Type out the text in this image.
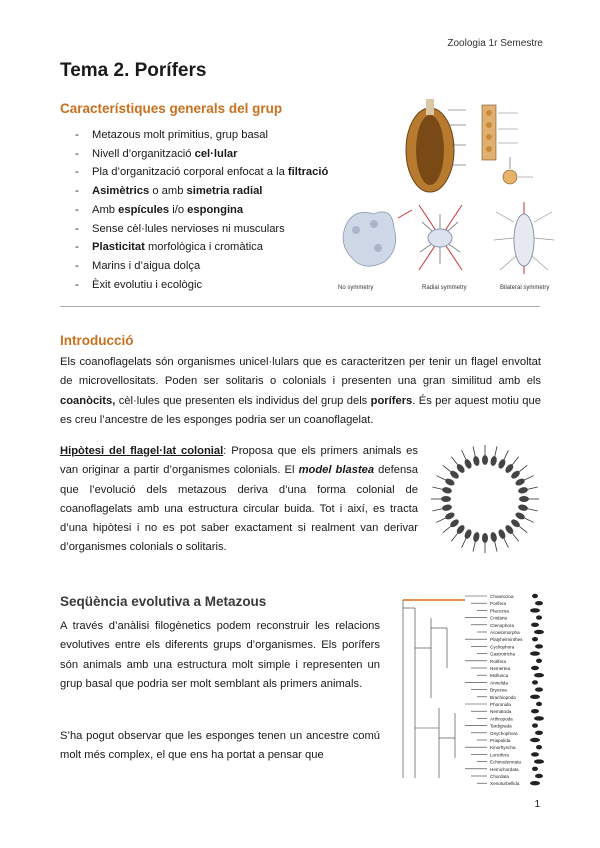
Zoologia 1r Semestre
Tema 2. Porífers
Característiques generals del grup
- Metazous molt primitius, grup basal
- Nivell d’organització cel·lular
- Pla d’organització corporal enfocat a la filtració
- Asimètrics o amb simetria radial
- Amb espícules i/o espongina
- Sense cèl·lules nervioses ni musculars
- Plasticitat morfològica i cromàtica
- Marins i d’aigua dolça
- Èxit evolutiu i ecològic	No symmetry	Radial symmetry	Bilateral symmetry
Introducció
Els coanoflagelats són organismes unicel·lulars que es caracteritzen per tenir un flagel envoltat de microvellositats. Poden ser solitaris o colonials i presenten una gran similitud amb els coanòcits, cèl·lules que presenten els individus del grup dels porífers. És per aquest motiu que es creu l’ancestre de les esponges podria ser un coanoflagelat.
Hipòtesi del flagel·lat colonial: Proposa que els primers animals es van originar a partir d’organismes colonials. El model blastea defensa que l’evolució dels metazous deriva d’una forma colonial de coanoflagelats amb una estructura circular buida. Tot i així, es tracta d’una hipòtesi i no es pot saber exactament si realment van derivar d’organismes colonials o solitaris.
Seqüència evolutiva a Metazous
A través d’anàlisi filogènetics podem reconstruir les relacions evolutives entre els diferents grups d’organismes. Els porífers són animals amb una estructura molt simple i representen un grup basal que podria ser molt semblant als primers animals.
S’ha pogut observar que les esponges tenen un ancestre comú molt més complex, el que ens ha portat a pensar que
Choanozoa
Porifera
Placozoa
Cnidaria
Ctenophora
Acoelomorpha
Platyhelminthes
Cycliophora
Gastrotricha
Rotifera
Nemertea
Mollusca
Annelida
Bryozoa
Brachiopoda
Phoronida
Nematoda
Arthropoda
Tardigrada
Onychophora
Priapulida
Kinorhyncha
Loricifera
Echinodermata
Hemichordata
Chordata
Xenoturbellida
1
